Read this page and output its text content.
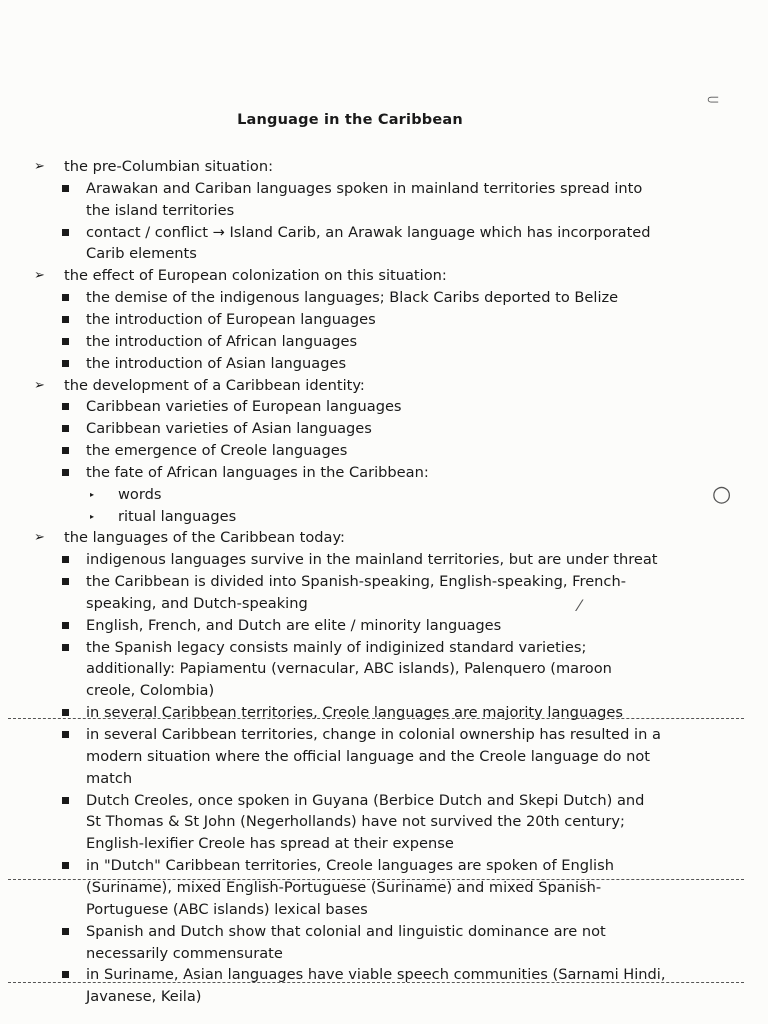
Language in the Caribbean
➢ the pre-Columbian situation:
Arawakan and Cariban languages spoken in mainland territories spread into
the island territories
contact / conflict → Island Carib, an Arawak language which has incorporated
Carib elements
➢ the effect of European colonization on this situation:
the demise of the indigenous languages; Black Caribs deported to Belize
the introduction of European languages
the introduction of African languages
the introduction of Asian languages
➢ the development of a Caribbean identity:
Caribbean varieties of European languages
Caribbean varieties of Asian languages
the emergence of Creole languages
the fate of African languages in the Caribbean:
▸ words
▸ ritual languages
➢ the languages of the Caribbean today:
indigenous languages survive in the mainland territories, but are under threat
the Caribbean is divided into Spanish-speaking, English-speaking, French-
speaking, and Dutch-speaking
English, French, and Dutch are elite / minority languages
the Spanish legacy consists mainly of indiginized standard varieties;
additionally: Papiamentu (vernacular, ABC islands), Palenquero (maroon
creole, Colombia)
in several Caribbean territories, Creole languages are majority languages
in several Caribbean territories, change in colonial ownership has resulted in a
modern situation where the official language and the Creole language do not
match
Dutch Creoles, once spoken in Guyana (Berbice Dutch and Skepi Dutch) and
St Thomas & St John (Negerhollands) have not survived the 20th century;
English-lexifier Creole has spread at their expense
in "Dutch" Caribbean territories, Creole languages are spoken of English
(Suriname), mixed English-Portuguese (Suriname) and mixed Spanish-
Portuguese (ABC islands) lexical bases
Spanish and Dutch show that colonial and linguistic dominance are not
necessarily commensurate
in Suriname, Asian languages have viable speech communities (Sarnami Hindi,
Javanese, Keila)
⸦
○
⁄
